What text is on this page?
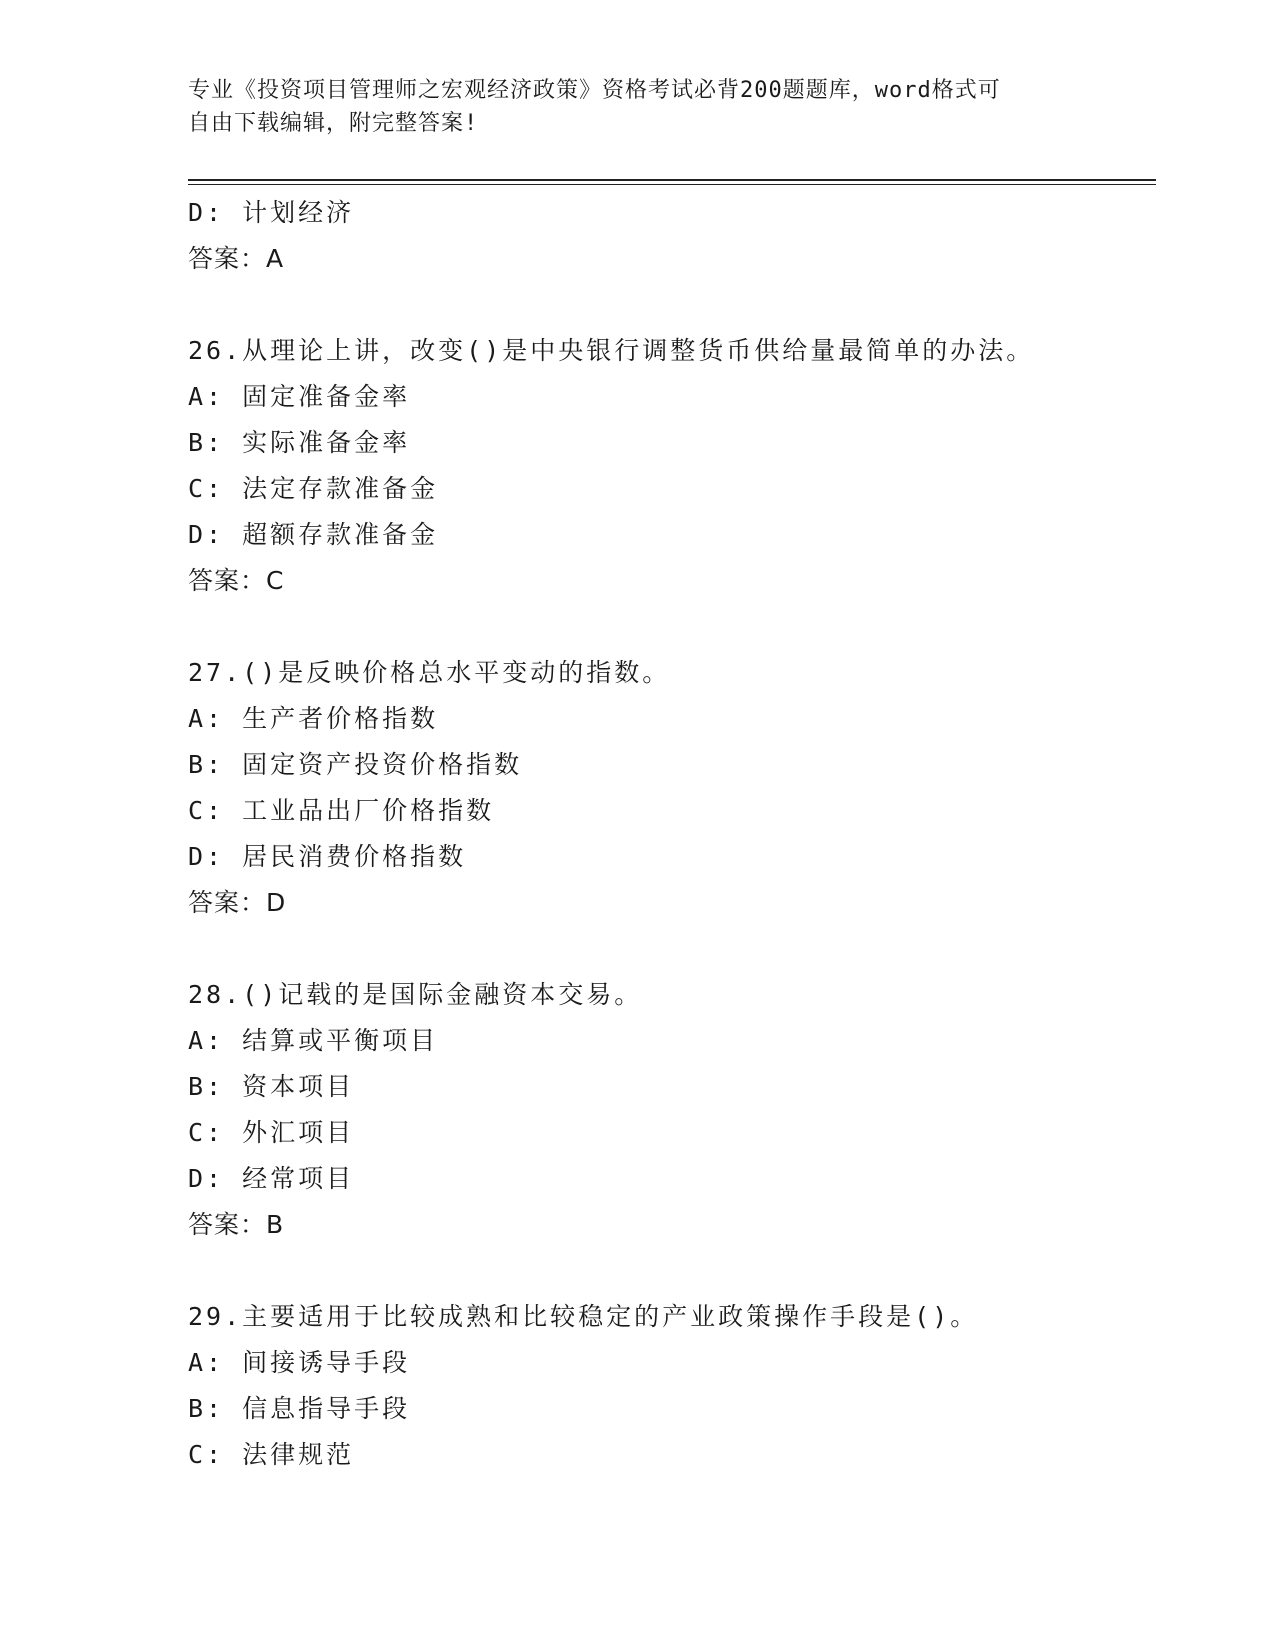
专业《投资项目管理师之宏观经济政策》资格考试必背200题题库，word格式可
自由下载编辑，附完整答案!
D: 计划经济
答案：A
26.从理论上讲，改变()是中央银行调整货币供给量最简单的办法。
A: 固定准备金率
B: 实际准备金率
C: 法定存款准备金
D: 超额存款准备金
答案：C
27.()是反映价格总水平变动的指数。
A: 生产者价格指数
B: 固定资产投资价格指数
C: 工业品出厂价格指数
D: 居民消费价格指数
答案：D
28.()记载的是国际金融资本交易。
A: 结算或平衡项目
B: 资本项目
C: 外汇项目
D: 经常项目
答案：B
29.主要适用于比较成熟和比较稳定的产业政策操作手段是()。
A: 间接诱导手段
B: 信息指导手段
C: 法律规范
